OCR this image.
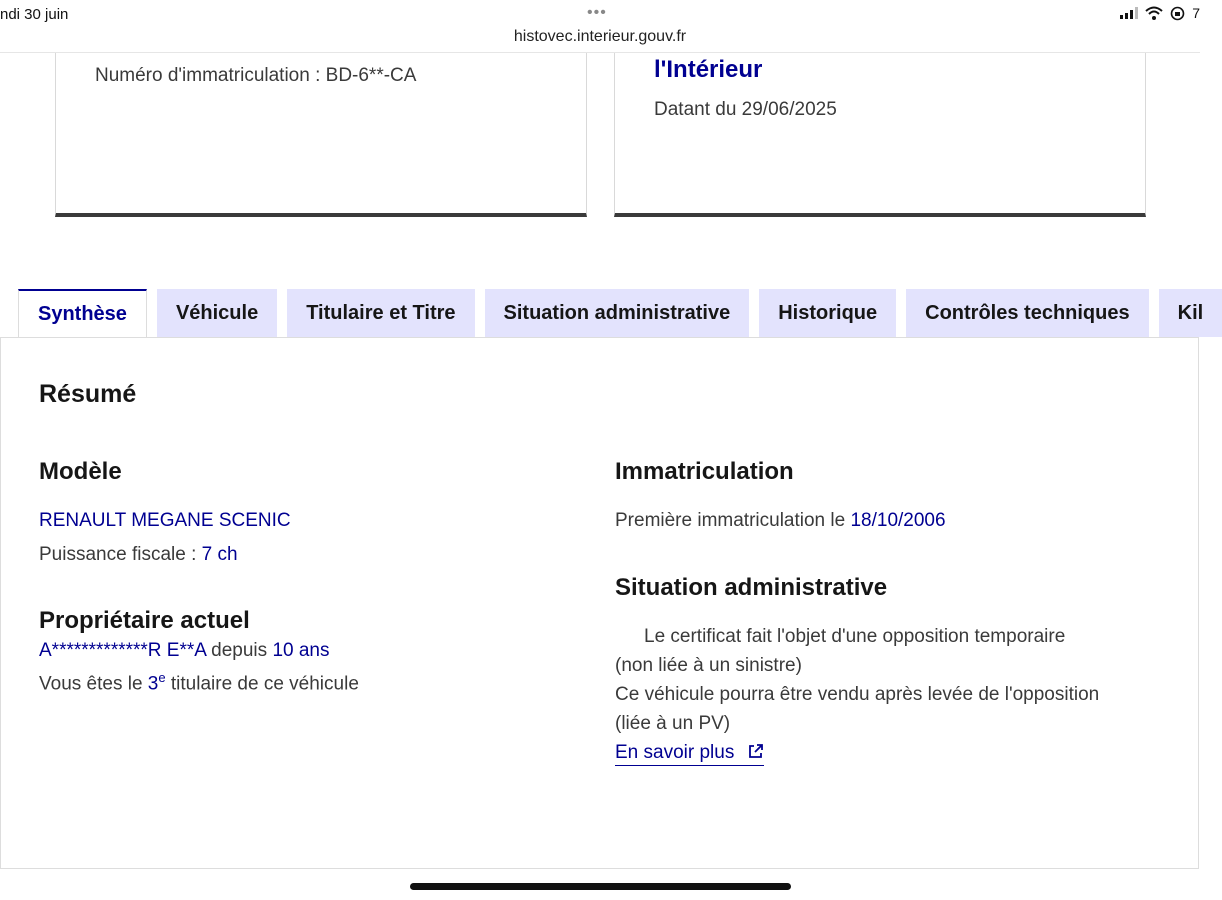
ndi 30 juin	•••
histovec.interieur.gouv.fr
7
Numéro d'immatriculation : BD-6**-CA	l'Intérieur
Datant du 29/06/2025
Synthèse	Véhicule	Titulaire et Titre	Situation administrative	Historique	Contrôles techniques	Kil
Résumé
Modèle
RENAULT MEGANE SCENIC
Puissance fiscale : 7 ch
Propriétaire actuel
A*************R E**A depuis 10 ans
Vous êtes le 3e titulaire de ce véhicule
Immatriculation
Première immatriculation le 18/10/2006
Situation administrative
Le certificat fait l'objet d'une opposition temporaire
(non liée à un sinistre)
Ce véhicule pourra être vendu après levée de l'opposition
(liée à un PV)
En savoir plus
